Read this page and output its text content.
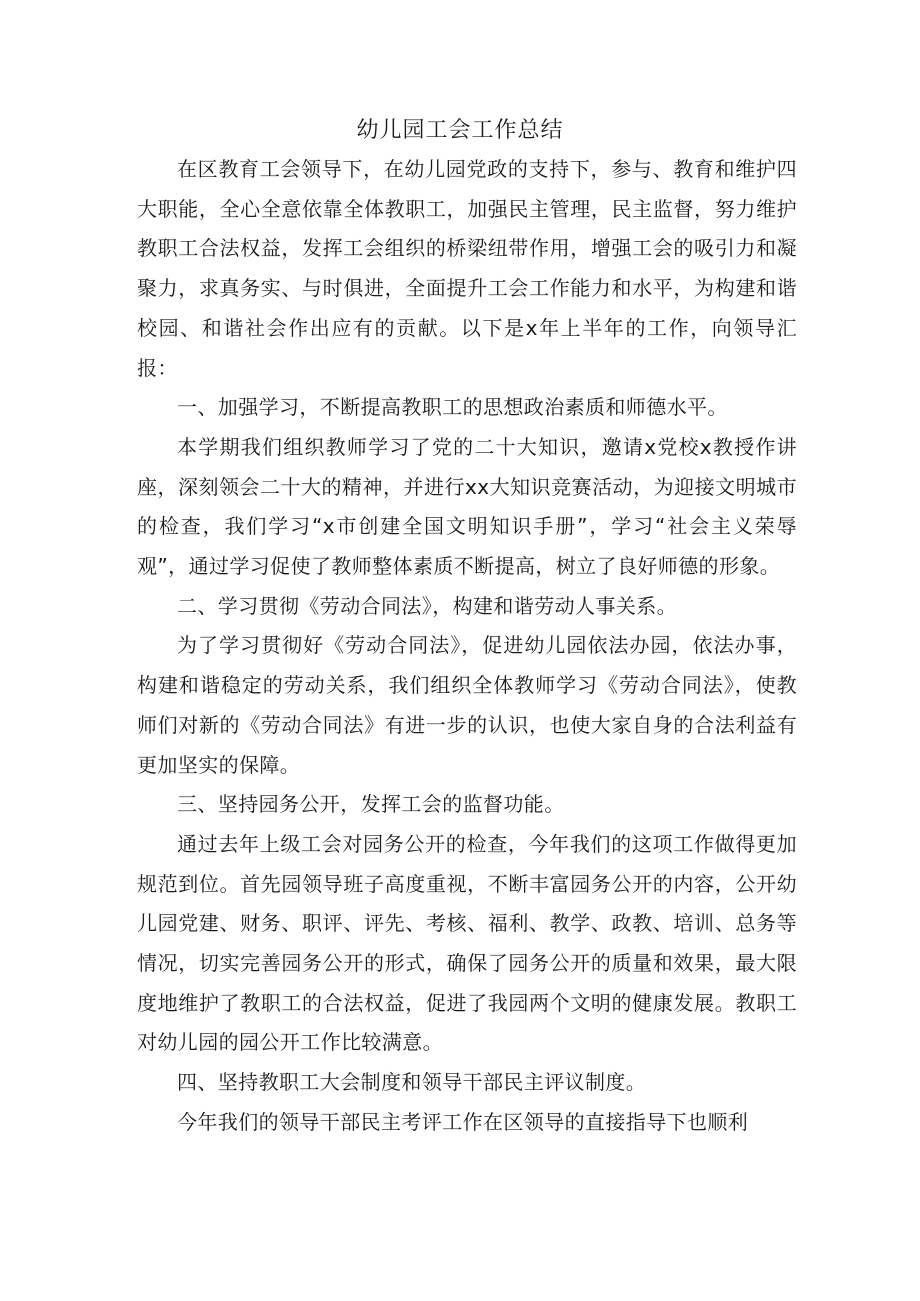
幼儿园工会工作总结

在区教育工会领导下，在幼儿园党政的支持下，参与、教育和维护四大职能，全心全意依靠全体教职工，加强民主管理，民主监督，努力维护教职工合法权益，发挥工会组织的桥梁纽带作用，增强工会的吸引力和凝聚力，求真务实、与时俱进，全面提升工会工作能力和水平，为构建和谐校园、和谐社会作出应有的贡献。以下是x年上半年的工作，向领导汇报：

一、加强学习，不断提高教职工的思想政治素质和师德水平。

本学期我们组织教师学习了党的二十大知识，邀请x党校x教授作讲座，深刻领会二十大的精神，并进行xx大知识竞赛活动，为迎接文明城市的检查，我们学习“x市创建全国文明知识手册”，学习“社会主义荣辱观”，通过学习促使了教师整体素质不断提高，树立了良好师德的形象。

二、学习贯彻《劳动合同法》，构建和谐劳动人事关系。

为了学习贯彻好《劳动合同法》，促进幼儿园依法办园，依法办事，构建和谐稳定的劳动关系，我们组织全体教师学习《劳动合同法》，使教师们对新的《劳动合同法》有进一步的认识，也使大家自身的合法利益有更加坚实的保障。

三、坚持园务公开，发挥工会的监督功能。

通过去年上级工会对园务公开的检查，今年我们的这项工作做得更加规范到位。首先园领导班子高度重视，不断丰富园务公开的内容，公开幼儿园党建、财务、职评、评先、考核、福利、教学、政教、培训、总务等情况，切实完善园务公开的形式，确保了园务公开的质量和效果，最大限度地维护了教职工的合法权益，促进了我园两个文明的健康发展。教职工对幼儿园的园公开工作比较满意。

四、坚持教职工大会制度和领导干部民主评议制度。

今年我们的领导干部民主考评工作在区领导的直接指导下也顺利
